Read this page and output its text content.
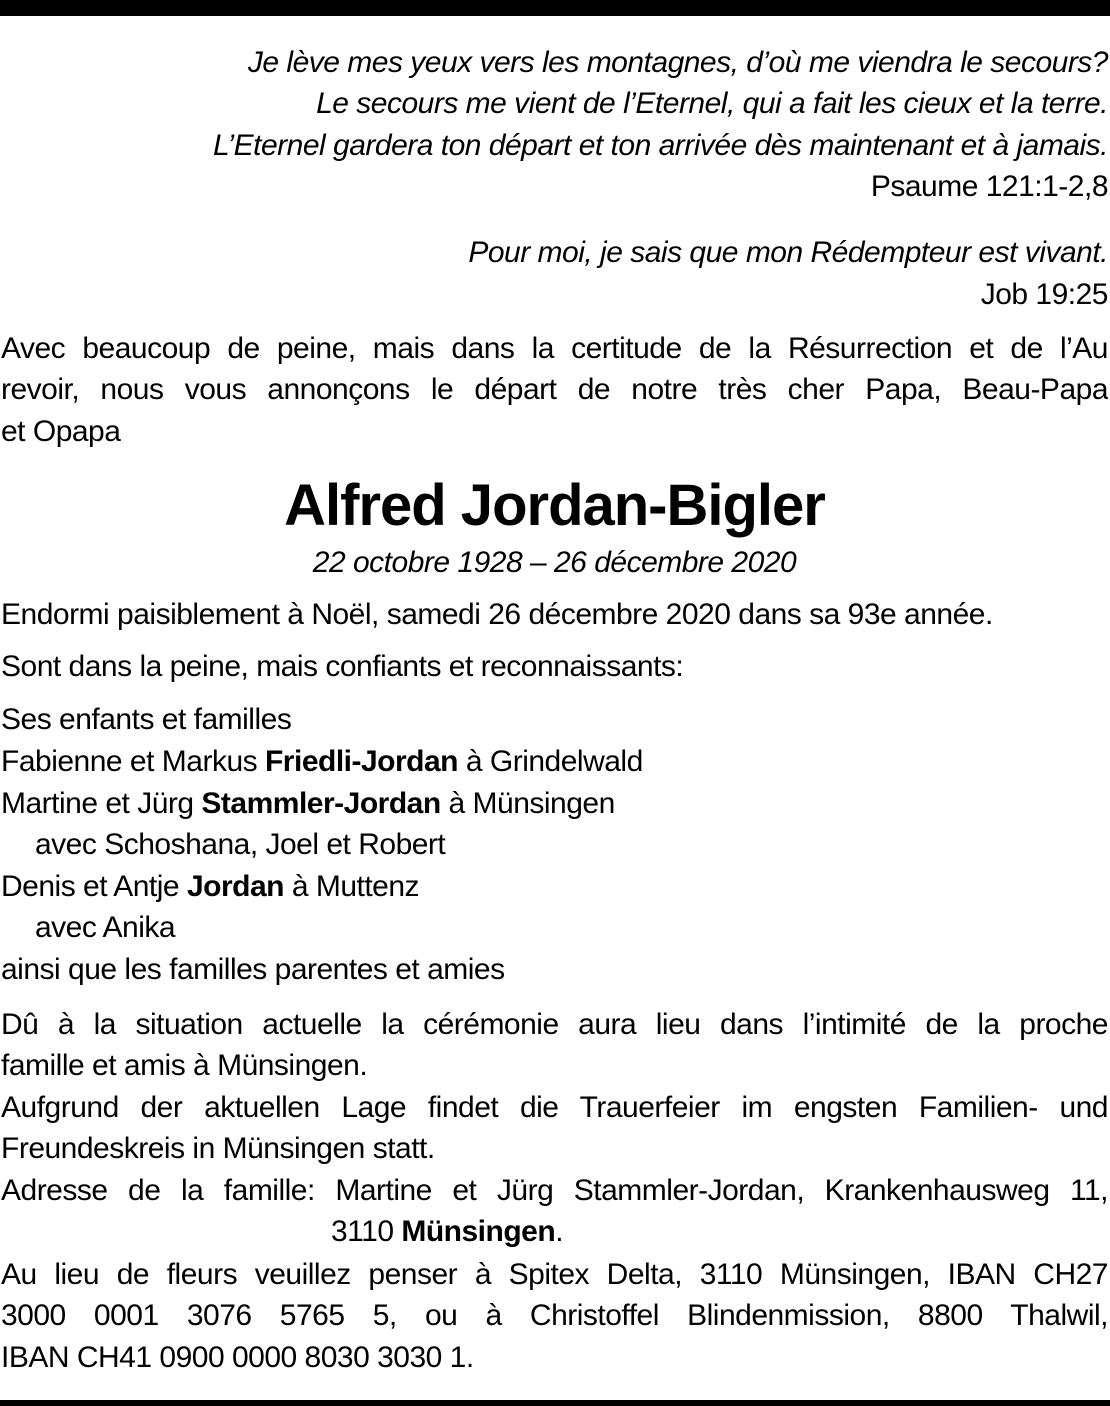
Je lève mes yeux vers les montagnes, d’où me viendra le secours?
Le secours me vient de l’Eternel, qui a fait les cieux et la terre.
L’Eternel gardera ton départ et ton arrivée dès maintenant et à jamais.
Psaume 121:1-2,8
Pour moi, je sais que mon Rédempteur est vivant.
Job 19:25
Avec beaucoup de peine, mais dans la certitude de la Résurrection et de l’Au
revoir, nous vous annonçons le départ de notre très cher Papa, Beau-Papa
et Opapa
Alfred Jordan-Bigler
22 octobre 1928 – 26 décembre 2020
Endormi paisiblement à Noël, samedi 26 décembre 2020 dans sa 93e année.
Sont dans la peine, mais confiants et reconnaissants:
Ses enfants et familles
Fabienne et Markus Friedli-Jordan à Grindelwald
Martine et Jürg Stammler-Jordan à Münsingen
avec Schoshana, Joel et Robert
Denis et Antje Jordan à Muttenz
avec Anika
ainsi que les familles parentes et amies
Dû à la situation actuelle la cérémonie aura lieu dans l’intimité de la proche
famille et amis à Münsingen.
Aufgrund der aktuellen Lage findet die Trauerfeier im engsten Familien- und
Freundeskreis in Münsingen statt.
Adresse de la famille: Martine et Jürg Stammler-Jordan, Krankenhausweg 11,
3110 Münsingen.
Au lieu de fleurs veuillez penser à Spitex Delta, 3110 Münsingen, IBAN CH27
3000 0001 3076 5765 5, ou à Christoffel Blindenmission, 8800 Thalwil,
IBAN CH41 0900 0000 8030 3030 1.
